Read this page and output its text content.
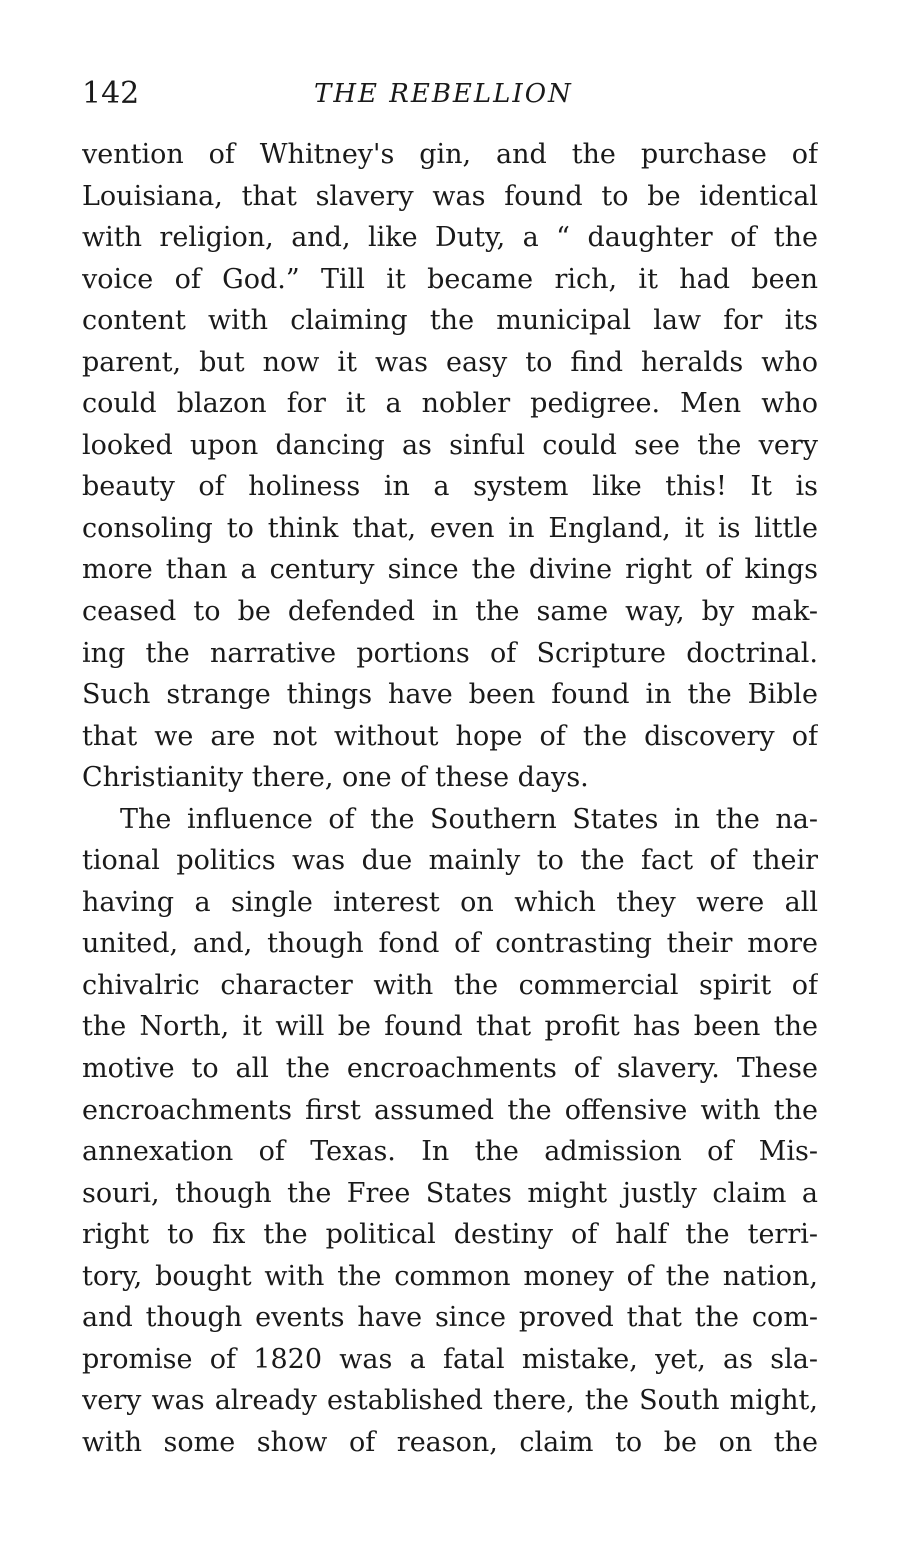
142	THE REBELLION
vention of Whitney's gin, and the purchase of
Louisiana, that slavery was found to be identical
with religion, and, like Duty, a “ daughter of the
voice of God.” Till it became rich, it had been
content with claiming the municipal law for its
parent, but now it was easy to find heralds who
could blazon for it a nobler pedigree. Men who
looked upon dancing as sinful could see the very
beauty of holiness in a system like this! It is
consoling to think that, even in England, it is little
more than a century since the divine right of kings
ceased to be defended in the same way, by mak-
ing the narrative portions of Scripture doctrinal.
Such strange things have been found in the Bible
that we are not without hope of the discovery of
Christianity there, one of these days.
The influence of the Southern States in the na-
tional politics was due mainly to the fact of their
having a single interest on which they were all
united, and, though fond of contrasting their more
chivalric character with the commercial spirit of
the North, it will be found that profit has been the
motive to all the encroachments of slavery. These
encroachments first assumed the offensive with the
annexation of Texas. In the admission of Mis-
souri, though the Free States might justly claim a
right to fix the political destiny of half the terri-
tory, bought with the common money of the nation,
and though events have since proved that the com-
promise of 1820 was a fatal mistake, yet, as sla-
very was already established there, the South might,
with some show of reason, claim to be on the
